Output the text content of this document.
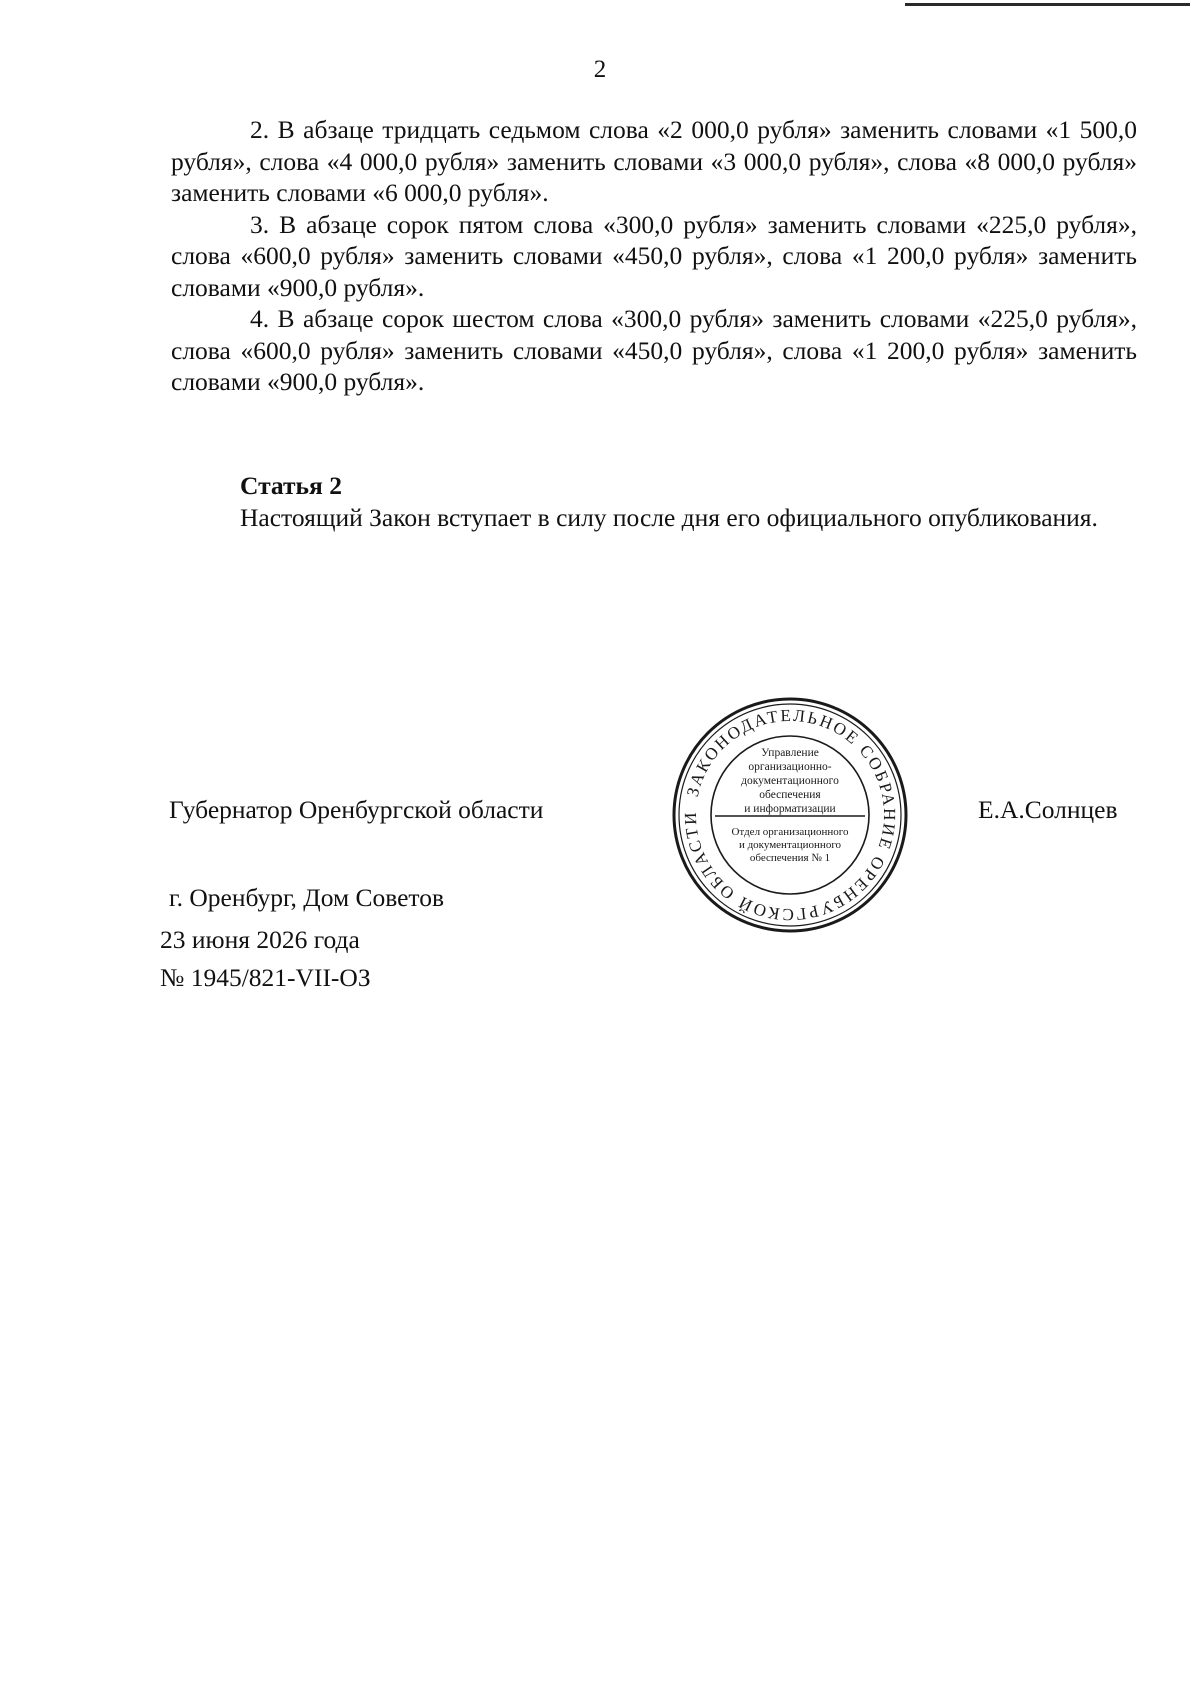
2

2. В абзаце тридцать седьмом слова «2 000,0 рубля» заменить словами «1 500,0 рубля», слова «4 000,0 рубля» заменить словами «3 000,0 рубля», слова «8 000,0 рубля» заменить словами «6 000,0 рубля».

3. В абзаце сорок пятом слова «300,0 рубля» заменить словами «225,0 рубля», слова «600,0 рубля» заменить словами «450,0 рубля», слова «1 200,0 рубля» заменить словами «900,0 рубля».

4. В абзаце сорок шестом слова «300,0 рубля» заменить словами «225,0 рубля», слова «600,0 рубля» заменить словами «450,0 рубля», слова «1 200,0 рубля» заменить словами «900,0 рубля».

Статья 2

Настоящий Закон вступает в силу после дня его официального опубликования.

Губернатор Оренбургской области	Е.А.Солнцев
ЗАКОНОДАТЕЛЬНОЕ СОБРАНИЕ ОРЕНБУРГСКОЙ ОБЛАСТИ
Управление
организационно-
документационного
обеспечения
и информатизации
Отдел организационного
и документационного
обеспечения № 1
г. Оренбург, Дом Советов
23 июня 2026 года
№ 1945/821-VII-ОЗ
